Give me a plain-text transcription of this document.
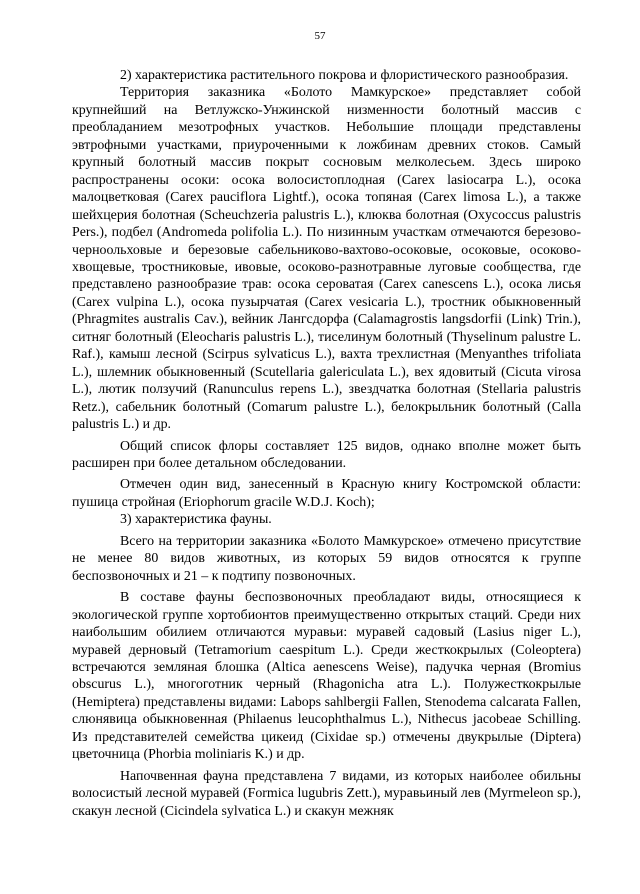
57

2) характеристика растительного покрова и флористического разнообразия.

Территория заказника «Болото Мамкурское» представляет собой крупнейший на Ветлужско-Унжинской низменности болотный массив с преобладанием мезотрофных участков. Небольшие площади представлены эвтрофными участками, приуроченными к ложбинам древних стоков. Самый крупный болотный массив покрыт сосновым мелколесьем. Здесь широко распространены осоки: осока волосистоплодная (Carex lasiocarpa L.), осока малоцветковая (Carex pauciflora Lightf.), осока топяная (Carex limosa L.), а также шейхцерия болотная (Scheuchzeria palustris L.), клюква болотная (Oxycoccus palustris Pers.), подбел (Andromeda polifolia L.). По низинным участкам отмечаются березово-черноольховые и березовые сабельниково-вахтово-осоковые, осоковые, осоково-хвощевые, тростниковые, ивовые, осоково-разнотравные луговые сообщества, где представлено разнообразие трав: осока сероватая (Carex canescens L.), осока лисья (Carex vulpina L.), осока пузырчатая (Carex vesicaria L.), тростник обыкновенный (Phragmites australis Cav.), вейник Лангсдорфа (Calamagrostis langsdorfii (Link) Trin.), ситняг болотный (Eleocharis palustris L.), тиселинум болотный (Thyselinum palustre L. Raf.), камыш лесной (Scirpus sylvaticus L.), вахта трехлистная (Menyanthes trifoliata L.), шлемник обыкновенный (Scutellaria galericulata L.), вех ядовитый (Cicuta virosa L.), лютик ползучий (Ranunculus repens L.), звездчатка болотная (Stellaria palustris Retz.), сабельник болотный (Comarum palustre L.), белокрыльник болотный (Calla palustris L.) и др.

Общий список флоры составляет 125 видов, однако вполне может быть расширен при более детальном обследовании.

Отмечен один вид, занесенный в Красную книгу Костромской области: пушица стройная (Eriophorum gracile W.D.J. Koch);

3) характеристика фауны.

Всего на территории заказника «Болото Мамкурское» отмечено присутствие не менее 80 видов животных, из которых 59 видов относятся к группе беспозвоночных и 21 – к подтипу позвоночных.

В составе фауны беспозвоночных преобладают виды, относящиеся к экологической группе хортобионтов преимущественно открытых стаций. Среди них наибольшим обилием отличаются муравьи: муравей садовый (Lasius niger L.), муравей дерновый (Tetramorium caespitum L.). Среди жесткокрылых (Coleoptera) встречаются земляная блошка (Altica aenescens Weise), падучка черная (Bromius obscurus L.), многоготник черный (Rhagonicha atra L.). Полужесткокрылые (Hemiptera) представлены видами: Labops sahlbergii Fallen, Stenodema calcarata Fallen, слюнявица обыкновенная (Philaenus leucophthalmus L.), Nithecus jacobeae Schilling. Из представителей семейства цикеид (Cixidae sp.) отмечены двукрылые (Diptera) цветочница (Phorbia moliniaris K.) и др.

Напочвенная фауна представлена 7 видами, из которых наиболее обильны волосистый лесной муравей (Formica lugubris Zett.), муравьиный лев (Myrmeleon sp.), скакун лесной (Cicindela sylvatica L.) и скакун межняк
